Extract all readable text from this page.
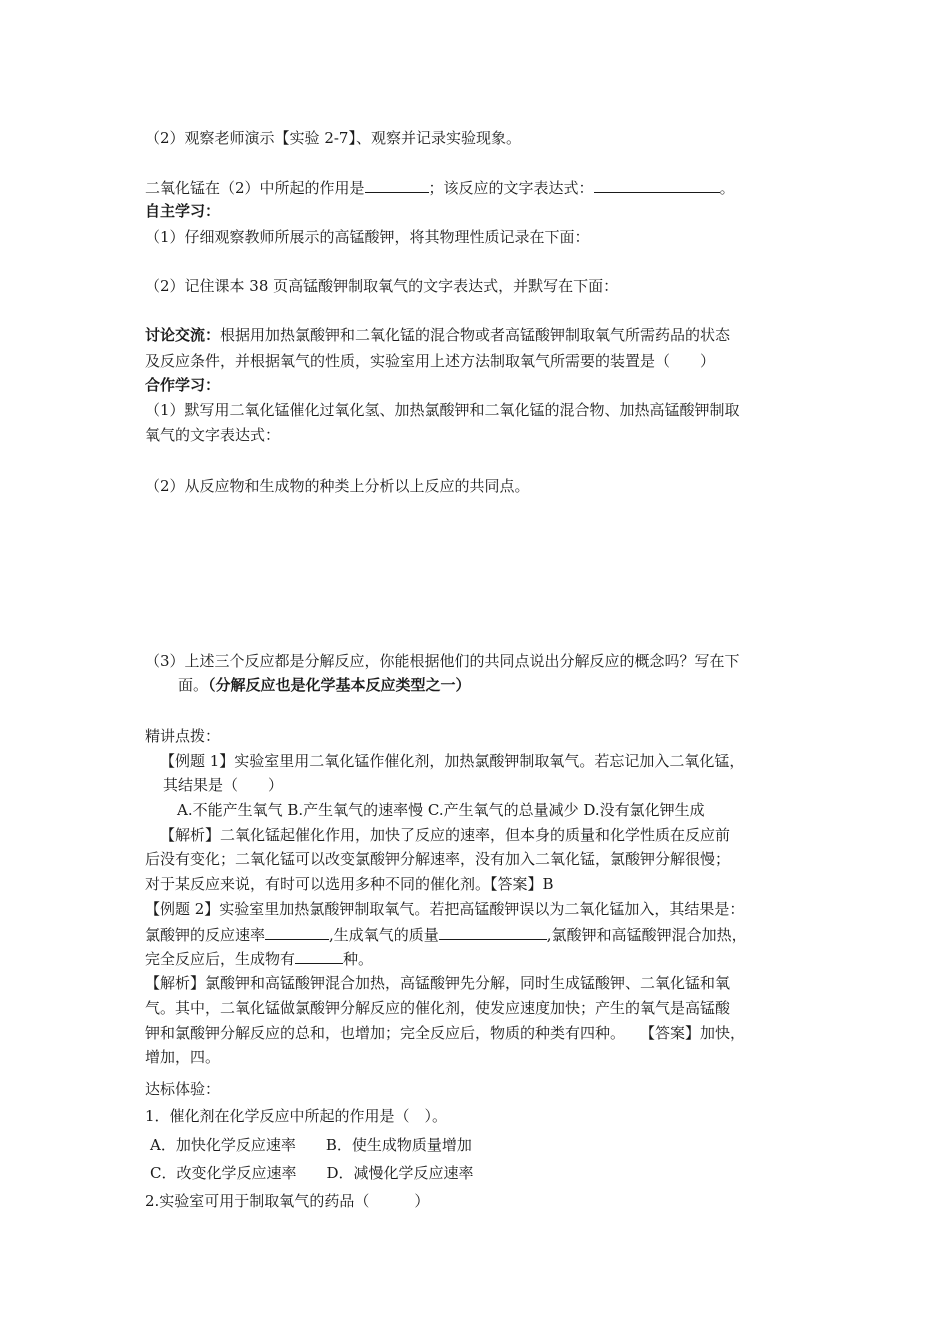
（2）观察老师演示【实验 2-7】、观察并记录实验现象。
二氧化锰在（2）中所起的作用是	；该反应的文字表达式：	。
自主学习：
（1）仔细观察教师所展示的高锰酸钾，将其物理性质记录在下面：
（2）记住课本 38 页高锰酸钾制取氧气的文字表达式，并默写在下面：
讨论交流：根据用加热氯酸钾和二氧化锰的混合物或者高锰酸钾制取氧气所需药品的状态
及反应条件，并根据氧气的性质，实验室用上述方法制取氧气所需要的装置是（　　）
合作学习：
（1）默写用二氧化锰催化过氧化氢、加热氯酸钾和二氧化锰的混合物、加热高锰酸钾制取
氧气的文字表达式：
（2）从反应物和生成物的种类上分析以上反应的共同点。
（3）上述三个反应都是分解反应，你能根据他们的共同点说出分解反应的概念吗？写在下
面。（分解反应也是化学基本反应类型之一）
精讲点拨：
【例题 1】实验室里用二氧化锰作催化剂，加热氯酸钾制取氧气。若忘记加入二氧化锰，
其结果是（　　）
A.不能产生氧气 B.产生氧气的速率慢 C.产生氧气的总量减少 D.没有氯化钾生成
【解析】二氧化锰起催化作用，加快了反应的速率，但本身的质量和化学性质在反应前
后没有变化；二氧化锰可以改变氯酸钾分解速率，没有加入二氧化锰，氯酸钾分解很慢；
对于某反应来说，有时可以选用多种不同的催化剂。【答案】B
【例题 2】实验室里加热氯酸钾制取氧气。若把高锰酸钾误以为二氧化锰加入，其结果是：
氯酸钾的反应速率	,生成氧气的质量	,氯酸钾和高锰酸钾混合加热，
完全反应后，生成物有	种。
【解析】氯酸钾和高锰酸钾混合加热，高锰酸钾先分解，同时生成锰酸钾、二氧化锰和氧
气。其中，二氧化锰做氯酸钾分解反应的催化剂，使发应速度加快；产生的氧气是高锰酸
钾和氯酸钾分解反应的总和，也增加；完全反应后，物质的种类有四种。　　【答案】加快，
增加，四。
达标体验：
1．催化剂在化学反应中所起的作用是（　）。
A．加快化学反应速率　　B．使生成物质量增加
C．改变化学反应速率　　D．减慢化学反应速率
2.实验室可用于制取氧气的药品（　　　）
